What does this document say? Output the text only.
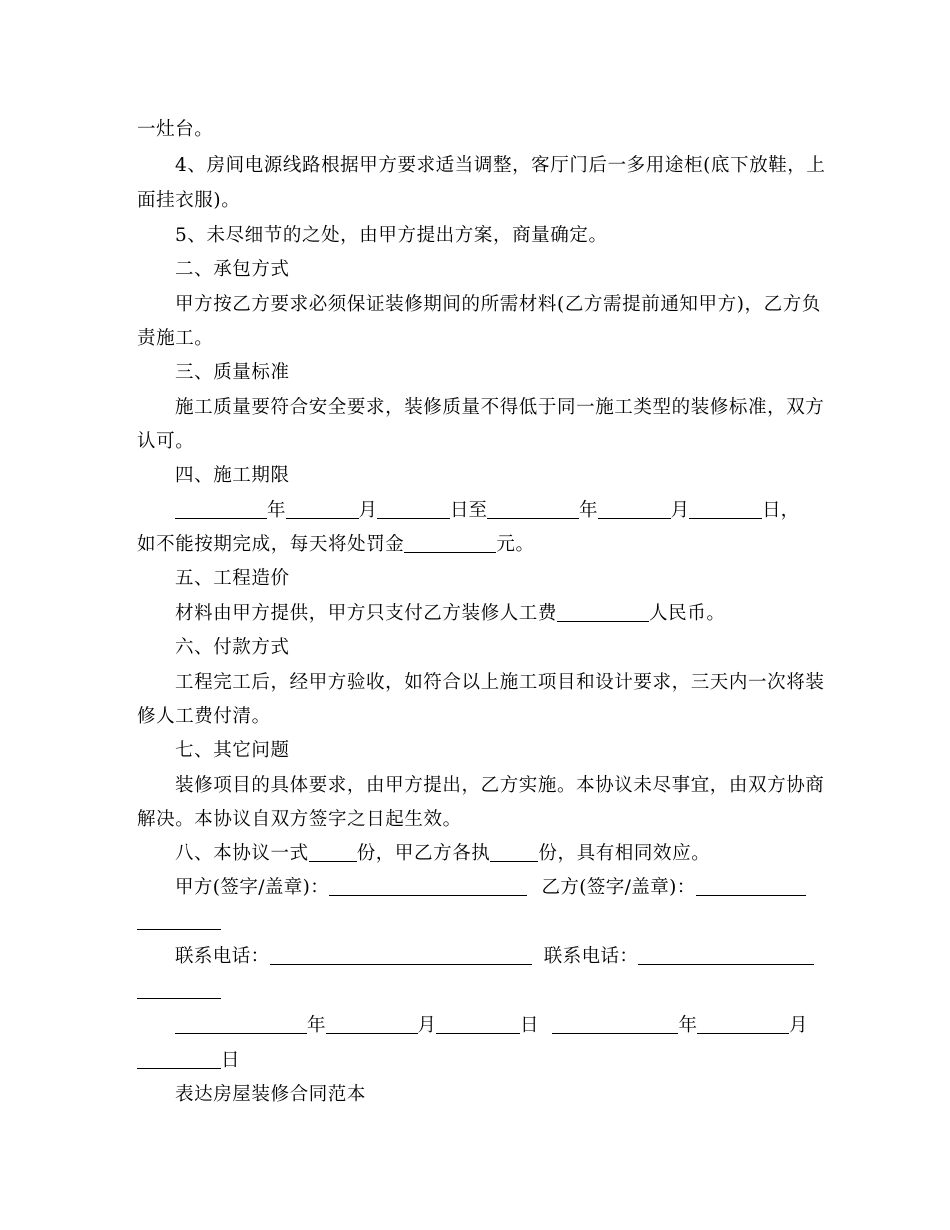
一灶台。
4、房间电源线路根据甲方要求适当调整，客厅门后一多用途柜(底下放鞋， 上
面挂衣服)。
5、未尽细节的之处，由甲方提出方案，商量确定。
二、承包方式
甲方按乙方要求必须保证装修期间的所需材料(乙方需提前通知甲方)， 乙方负
责施工。
三、质量标准
施工质量要符合安全要求，装修质量不得低于同一施工类型的装修标准， 双方
认可。
四、施工期限
年	月	日至	年	月	日，
如不能按期完成，每天将处罚金	元。
五、工程造价
材料由甲方提供，甲方只支付乙方装修人工费	人民币。
六、付款方式
工程完工后，经甲方验收，如符合以上施工项目和设计要求，三天内一次将 装
修人工费付清。
七、其它问题
装修项目的具体要求，由甲方提出，乙方实施。本协议未尽事宜，由双方 协商
解决。本协议自双方签字之日起生效。
八、本协议一式	份，甲乙方各执	份，具有相同效应。
甲方(签字/盖章)：	乙方(签字/盖章)：
联系电话：	联系电话：
年	月	日	年	月
日
表达房屋装修合同范本
